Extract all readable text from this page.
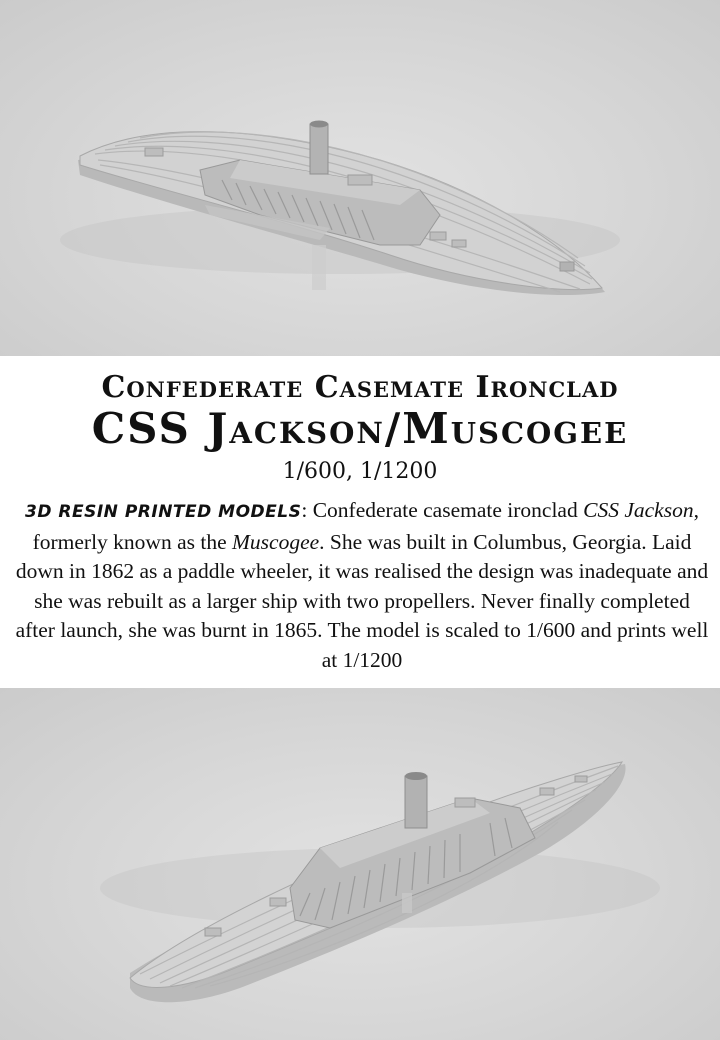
Confederate Casemate Ironclad
CSS Jackson/Muscogee
1/600, 1/1200
3D RESIN PRINTED MODELS: Confederate casemate ironclad CSS Jackson, formerly known as the Muscogee. She was built in Columbus, Georgia. Laid down in 1862 as a paddle wheeler, it was realised the design was inadequate and she was rebuilt as a larger ship with two propellers. Never finally completed after launch, she was burnt in 1865. The model is scaled to 1/600 and prints well at 1/1200
